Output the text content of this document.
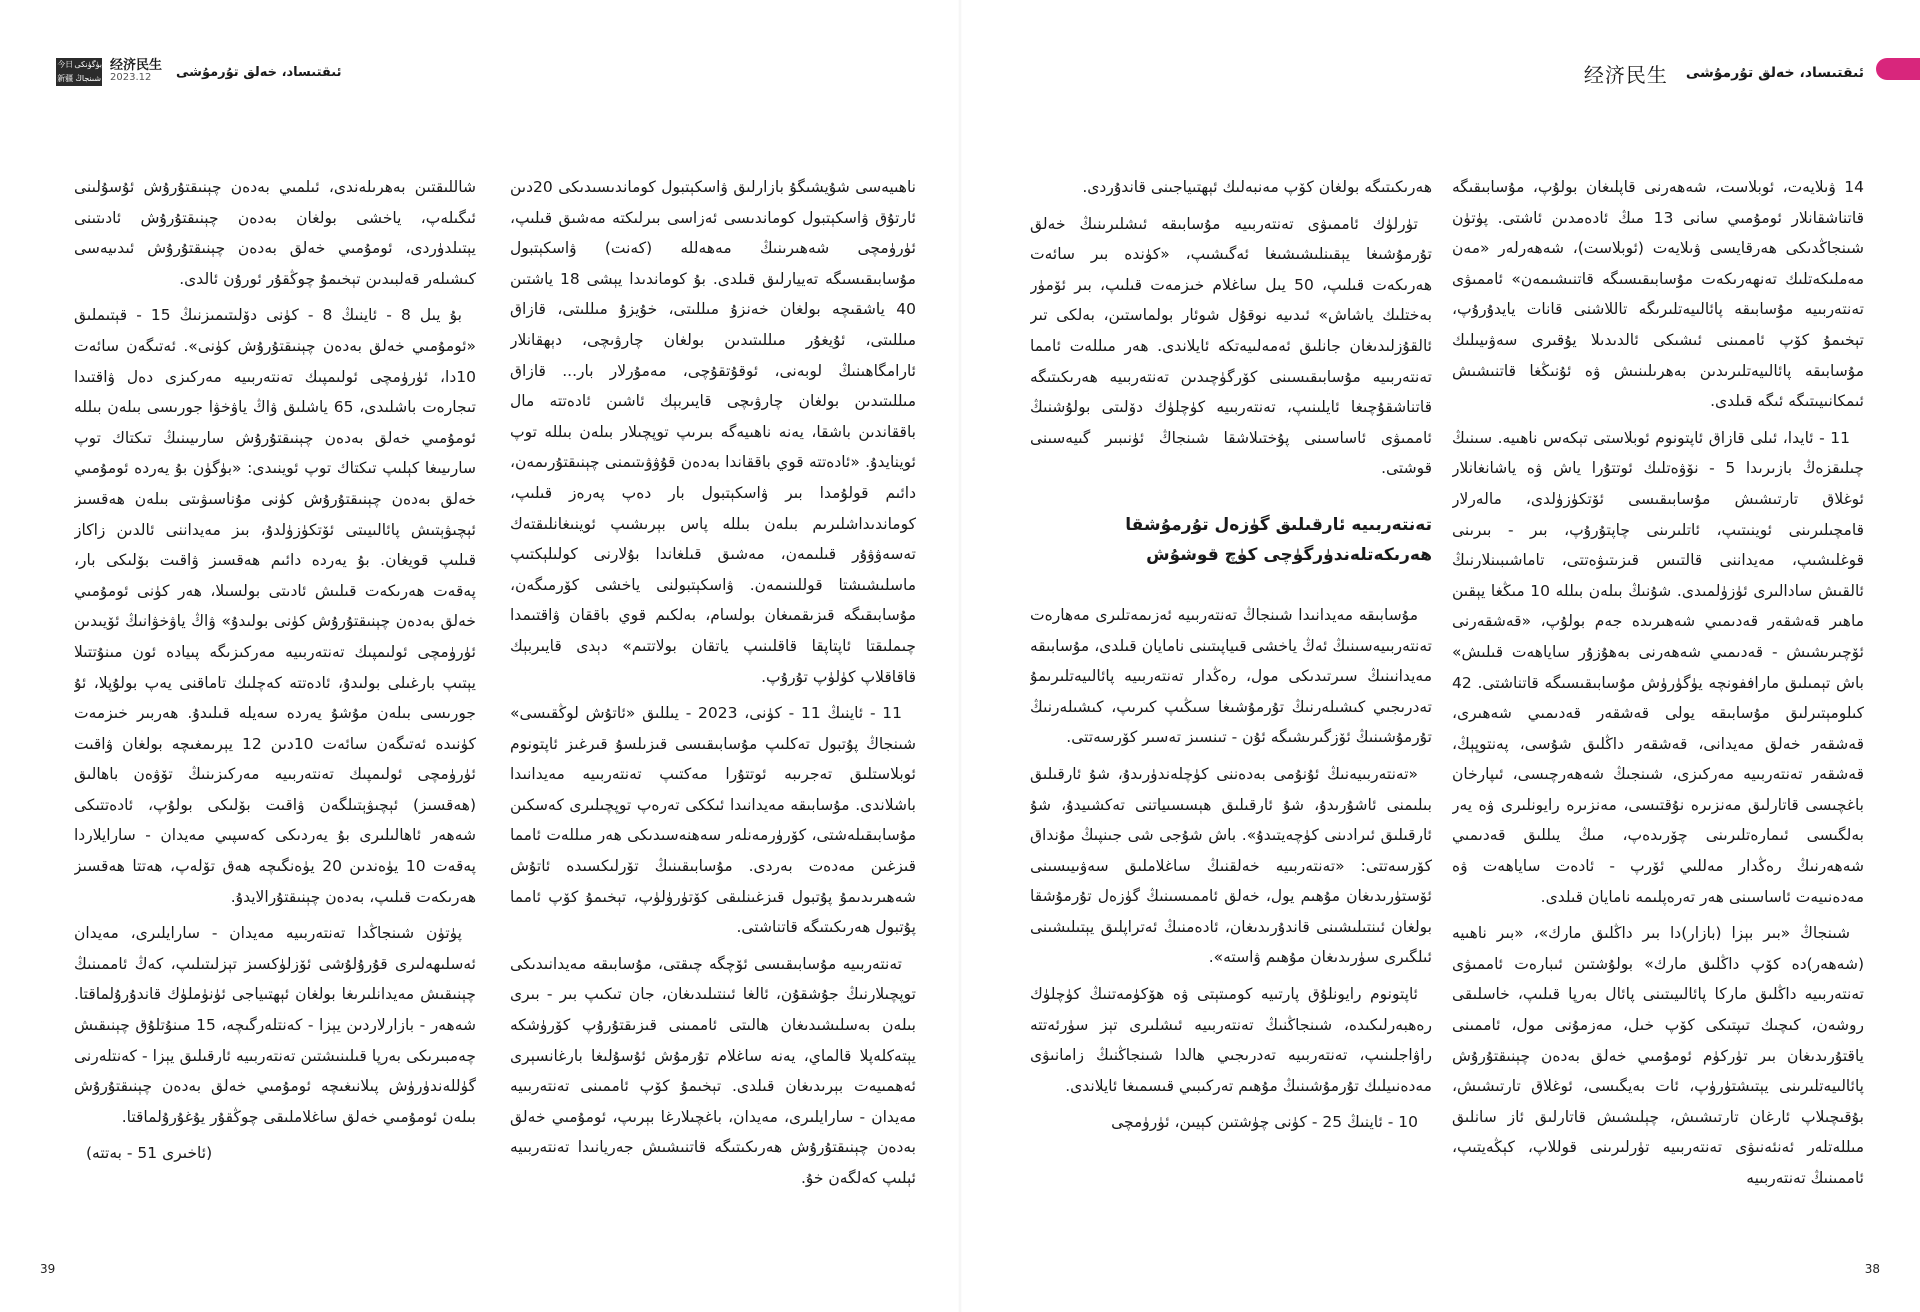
今日 بۈگۈنكى
新疆 شىنجاڭ
经济民生
2023.12	ئىقتىساد، خەلق تۇرمۇشى	经济民生 ئىقتىساد، خەلق تۇرمۇشى

14 ۋىلايەت، ئوبلاست، شەھەرنى قاپلىغان بولۇپ، مۇسابىقىگە قاتناشقانلار ئومۇمىي سانى 13 مىڭ ئادەمدىن ئاشتى. پۈتۈن شىنجاڭدىكى ھەرقايسى ۋىلايەت (ئوبلاست)، شەھەرلەر «مەن مەملىكەتلىك تەنھەرىكەت مۇسابىقىسىگە قاتنىشىمەن» ئاممىۋى تەنتەربىيە مۇسابىقە پائالىيەتلىرىگە تاللاشنى قانات يايدۇرۇپ، تېخىمۇ كۆپ ئاممىنى ئىشىكى ئالدىدىلا يۇقىرى سەۋىيىلىك مۇسابىقە پائالىيەتلىرىدىن بەھرىلىنىش ۋە ئۇنىڭغا قاتنىشىش ئىمكانىيىتىگە ئىگە قىلدى.

11 - ئايدا، ئىلى قازاق ئاپتونوم ئوبلاستى تېكەس ناھىيە. سىنىڭ چىلىقزەڭ بازىرىدا 5 - نۆۋەتلىك ئوتتۇرا ياش ۋە ياشانغانلار ئوغلاق تارتىشىش مۇسابىقىسى ئۆتكۈزۈلدى، مالەرلار قامچىلىرىنى ئوينىتىپ، ئاتلىرىنى چاپتۇرۇپ، بىر - بىرىنى قوغلىشىپ، مەيداننى قالتىس قىزىتىۋەتتى، تاماشىبىنلارنىڭ ئالقىش سادالىرى ئۈزۈلمىدى. شۇنىڭ بىلەن بىللە 10 مىڭغا يېقىن ماھىر قەشقەر قەدىمىي شەھىرىدە جەم بولۇپ، «قەشقەرنى ئۆچىرىشىش - قەدىمىي شەھەرنى بەھۇزۇر ساياھەت قىلىش» باش تېمىلىق ماراففونچە يۈگۈرۈش مۇسابىقىسىگە قاتناشتى. 42 كىلومېتىرلىق مۇسابىقە يولى قەشقەر قەدىمىي شەھىرى، قەشقەر خەلق مەيدانى، قەشقەر داڭلىق شۇسى، پەنتوپېڭ، قەشقەر تەنتەربىيە مەركىزى، شىنجىڭ شەھەرچىسى، ئىپارخان باغچىسى قاتارلىق مەنزىرە نۇقتىسى، مەنزىرە رايونلىرى ۋە يەر بەلگىسى ئىمارەتلىرىنى چۆرىدەپ، مىڭ يىللىق قەدىمىي شەھەرنىڭ رەڭدار مەللىي ئۆرپ - ئادەت ساياھەت ۋە مەدەنىيەت ئاساسىنى ھەر تەرەپلىمە نامايان قىلدى.

شىنجاڭ «بىر بېزا (بازار)دا بىر داڭلىق مارك»، «بىر ناھىيە (شەھەر)دە كۆپ داڭلىق مارك» بولۇشتىن ئىبارەت ئاممىۋى تەنتەربىيە داڭلىق ماركا پائالىيىتىنى پائال بەرپا قىلىپ، خاسلىقى روشەن، كىچىك تىپتىكى كۆپ خىل، مەزمۇنى مول، ئاممىنى ياقتۇرىدىغان بىر تۈركۈم ئومۇمىي خەلق بەدەن چېنىقتۇرۇش پائالىيەتلىرىنى يېتىشتۈرۈپ، ئات بەيگىسى، ئوغلاق تارتىشىش، بۇقىچىلاپ ئارغان تارتىشىش، چېلىشىش قاتارلىق ئاز سانلىق مىللەتلەر ئەنئەنىۋى تەنتەربىيە تۈرلىرىنى قوللاپ، كېڭەيتىپ، ئاممىنىڭ تەنتەربىيە

ھەرىكىتىگە بولغان كۆپ مەنبەلىك ئېھتىياجىنى قاندۇردى.

تۈرلۈك ئاممىۋى تەنتەربىيە مۇسابىقە ئىشلىرىنىڭ خەلق تۇرمۇشىغا يېقىنلىشىشىغا ئەگىشىپ، «كۈندە بىر سائەت ھەرىكەت قىلىپ، 50 يىل ساغلام خىزمەت قىلىپ، بىر ئۆمۈر بەختلىك ياشاش» ئىدىيە نوقۇل شوئار بولماستىن، بەلكى تىر ئالقۇزلىدىغان جانلىق ئەمەلىيەتكە ئايلاندى. ھەر مىللەت ئامما تەنتەربىيە مۇسابىقىسىنى كۆرگۈچىدىن تەنتەربىيە ھەرىكىتىگە قاتناشقۇچىغا ئايلىنىپ، تەنتەربىيە كۈچلۈك دۆلىتى بولۇشنىڭ ئاممىۋى ئاساسىنى پۇختىلاشقا شىنجاڭ ئۈنىبىر گىيەسىنى قوشتى.

تەنتەربىيە ئارقىلىق گۈزەل تۇرمۇشقا ھەرىكەتلەندۈرگۈچى كۈچ قوشۇش

مۇسابىقە مەيدانىدا شىنجاڭ تەنتەربىيە ئەزىمەتلىرى مەھارەت تەنتەربىيەسىنىڭ ئەڭ ياخشى قىياپىتىنى نامايان قىلدى، مۇسابىقە مەيدانىنىڭ سىرتىدىكى مول، رەڭدار تەنتەربىيە پائالىيەتلىرىمۇ تەدرىجىي كىشىلەرنىڭ تۇرمۇشىغا سىڭىپ كىرىپ، كىشىلەرنىڭ تۇرمۇشىنىڭ ئۆزگىرىشىگە ئۇن - تىنسىز تەسىر كۆرسەتتى.

«تەنتەربىيەنىڭ ئۇنۇمى بەدەننى كۈچلەندۈرىدۇ، شۇ ئارقىلىق بىلىمنى ئاشۇرىدۇ، شۇ ئارقىلىق ھېسسىياتنى تەكشىيدۇ، شۇ ئارقىلىق ئىرادىنى كۈچەيتىدۇ». باش شۇجى شى جىنپىڭ مۇنداق كۆرسەتتى: «تەنتەربىيە خەلقنىڭ ساغلاملىق سەۋىيىسىنى ئۆستۈرىدىغان مۇھىم يول، خەلق ئاممىسىنىڭ گۈزەل تۇرمۇشقا بولغان ئىنتىلىشىنى قاندۇرىدىغان، ئادەمنىڭ ئەتراپلىق يېتىلىشىنى ئىلگىرى سۈرىدىغان مۇھىم ۋاستە».

ئاپتونوم رايونلۇق پارتىيە كومىتېتى ۋە ھۆكۈمەتنىڭ كۈچلۈك رەھبەرلىكىدە، شىنجاڭنىڭ تەنتەربىيە ئىشلىرى تېز سۈرئەتتە راۋاجلىنىپ، تەنتەربىيە تەدرىجىي ھالدا شىنجاڭنىڭ زامانىۋى مەدەنىيلىك تۇرمۇشىنىڭ مۇھىم تەركىبىي قىسمىغا ئايلاندى.

10 - ئاينىڭ 25 - كۈنى چۈشتىن كېيىن، ئۈرۈمچى

ناھىيەسى شۇيشىگۇ بازارلىق ۋاسكېتبول كوماندىسىدىكى 20دىن ئارتۇق ۋاسكېتبول كوماندىسى ئەزاسى بىرلىكتە مەشىق قىلىپ، ئۈرۈمچى شەھىرىنىڭ مەھەللە (كەنت) ۋاسكېتبول مۇسابىقىسىگە تەييارلىق قىلدى. بۇ كوماندىدا يېشى 18 ياشتىن 40 ياشقىچە بولغان خەنزۇ مىللىتى، خۇيزۇ مىللىتى، قازاق مىللىتى، ئۇيغۇر مىللىتىدىن بولغان چارۋىچى، دېھقانلار ئارامگاھىنىڭ لوبەنى، ئوقۇتقۇچى، مەمۇرلار بار... قازاق مىللىتىدىن بولغان چارۋىچى قايىربېك ئاشىن ئادەتتە مال باققاندىن باشقا، يەنە ناھىيەگە بىرىپ توپچىلار بىلەن بىللە توپ ئوينايدۇ. «ئادەتتە قوي باققاندا بەدەن قۇۋۋىتىمنى چېنىقتۇرىمەن، دائىم قولۇمدا بىر ۋاسكېتبول بار دەپ پەرەز قىلىپ، كوماندىداشلىرىم بىلەن بىللە پاس بېرىشىپ ئوينىغانلىقتەك تەسەۋۋۇر قىلىمەن، مەشىق قىلغاندا بۇلارنى كولىلېكتىپ ماسلىشىشتا قوللىنىمەن. ۋاسكېتبولنى ياخشى كۆرمىگەن، مۇسابىقىگە قىزىقمىغان بولسام، بەلكىم قوي باققان ۋاقتىمدا چىملىقتا ئاپتاپقا قاقلىنىپ ياتقان بولاتتىم» دېدى قايىربېك قاقاقلاپ كۈلۈپ تۇرۇپ.

11 - ئاينىڭ 11 - كۈنى، 2023 - يىللىق «ئاتۇش لوڭقىسى» شىنجاڭ پۇتبول تەكلىپ مۇسابىقىسى قىزىلسۇ قىرغىز ئاپتونوم ئوبلاستلىق تەجرىبە ئوتتۇرا مەكتىپ تەنتەربىيە مەيدانىدا باشلاندى. مۇسابىقە مەيدانىدا ئىككى تەرەپ توپچىلىرى كەسكىن مۇسابىقىلەشتى، كۆرۈرمەنلەر سەھنەسىدىكى ھەر مىللەت ئامما قىزغىن مەدەت بەردى. مۇسابىقىنىڭ تۆرلىكسىدە ئاتۇش شەھىرىدىمۇ پۇتبول قىزغىنلىقى كۆتۈرۈلۈپ، تېخىمۇ كۆپ ئامما پۇتبول ھەرىكىتىگە قاتناشتى.

تەنتەربىيە مۇسابىقىسى ئۆچگە چىقتى، مۇسابىقە مەيدانىدىكى توپچىلارنىڭ جۇشقۇن، ئالغا ئىنتىلىدىغان، جان تىكىپ بىر - بىرى بىلەن بەسلىشىدىغان ھالىتى ئاممىنى قىزىقتۇرۇپ كۆرۈشكە يېتەكلەپلا قالماي، يەنە ساغلام تۇرمۇش ئۇسۇلىغا بارغانسېرى ئەھمىيەت بېرىدىغان قىلدى. تېخىمۇ كۆپ ئاممىنى تەنتەربىيە مەيدان - سارايلىرى، مەيدان، باغچىلارغا بېرىپ، ئومۇمىي خەلق بەدەن چېنىقتۇرۇش ھەرىكىتىگە قاتنىشىش جەريانىدا تەنتەربىيە ئېلىپ كەلگەن خۇ.

شاللىقتىن بەھرىلەندى، ئىلمىي بەدەن چېنىقتۇرۇش ئۇسۇلىنى ئىگىلەپ، ياخشى بولغان بەدەن چېنىقتۇرۇش ئادىتىنى يېتىلدۈردى، ئومۇمىي خەلق بەدەن چېنىقتۇرۇش ئىدىيەسى كىشىلەر قەلبىدىن تېخىمۇ چوڭقۇر ئورۇن ئالدى.

بۇ يىل 8 - ئاينىڭ 8 - كۈنى دۆلىتىمىزنىڭ 15 - قېتىملىق «ئومۇمىي خەلق بەدەن چېنىقتۇرۇش كۈنى». ئەتىگەن سائەت 10دا، ئۈرۈمچى ئولىمپىك تەنتەربىيە مەركىزى دەل ۋاقتىدا تىجارەت باشلىدى، 65 ياشلىق ۋاڭ ياۋخۋا جورىسى بىلەن بىللە ئومۇمىي خەلق بەدەن چېنىقتۇرۇش سارىيىنىڭ تىكتاك توپ سارىيىغا كېلىپ تىكتاك توپ ئوينىدى: «بۈگۈن بۇ يەردە ئومۇمىي خەلق بەدەن چېنىقتۇرۇش كۈنى مۇناسىۋىتى بىلەن ھەقسىز ئېچىۋېتىش پائالىيىتى ئۆتكۈزۈلدۇ، بىز مەيداننى ئالدىن زاكاز قىلىپ قويغان. بۇ يەردە دائىم ھەقسىز ۋاقىت بۆلىكى بار، پەقەت ھەرىكەت قىلىش ئادىتى بولسىلا، ھەر كۈنى ئومۇمىي خەلق بەدەن چېنىقتۇرۇش كۈنى بولىدۇ» ۋاڭ ياۋخۋانىڭ ئۆيىدىن ئۈرۈمچى ئولىمپىك تەنتەربىيە مەركىزىگە پىيادە ئون مىنۇتتىلا يېتىپ بارغىلى بولىدۇ، ئادەتتە كەچلىك تاماقنى يەپ بولۇپلا، ئۇ جورىسى بىلەن مۇشۇ يەردە سەيلە قىلىدۇ. ھەربىر خىزمەت كۈنىدە ئەتىگەن سائەت 10دىن 12 يېرىمغىچە بولغان ۋاقىت ئۈرۈمچى ئولىمپىك تەنتەربىيە مەركىزىنىڭ تۆۋەن باھالىق (ھەقسىز) ئېچىۋېتىلگەن ۋاقىت بۆلىكى بولۇپ، ئادەتتىكى شەھەر ئاھالىلىرى بۇ يەردىكى كەسپىي مەيدان - سارايلاردا پەقەت 10 يۈەندىن 20 يۈەنگىچە ھەق تۆلەپ، ھەتتا ھەقسىز ھەرىكەت قىلىپ، بەدەن چېنىقتۇرالايدۇ.

پۈتۈن شىنجاڭدا تەنتەربىيە مەيدان - سارايلىرى، مەيدان ئەسلىھەلىرى قۇرۇلۇشى ئۆزلۈكسىز تېزلىتىلىپ، كەڭ ئاممىنىڭ چېنىقىش مەيدانلىرىغا بولغان ئېھتىياجى ئۈنۈملۈك قاندۇرۇلماقتا. شەھەر - بازارلاردىن يېزا - كەنتلەرگىچە، 15 مىنۇتلۇق چېنىقىش چەمبىرىكى بەرپا قىلىنىشتىن تەنتەربىيە ئارقىلىق يېزا - كەنتلەرنى گۈللەندۈرۈش پىلانىغىچە ئومۇمىي خەلق بەدەن چېنىقتۇرۇش بىلەن ئومۇمىي خەلق ساغلاملىقى چوڭقۇر يۇغۇرۇلماقتا.

(ئاخىرى 51 - بەتتە)

39	38
